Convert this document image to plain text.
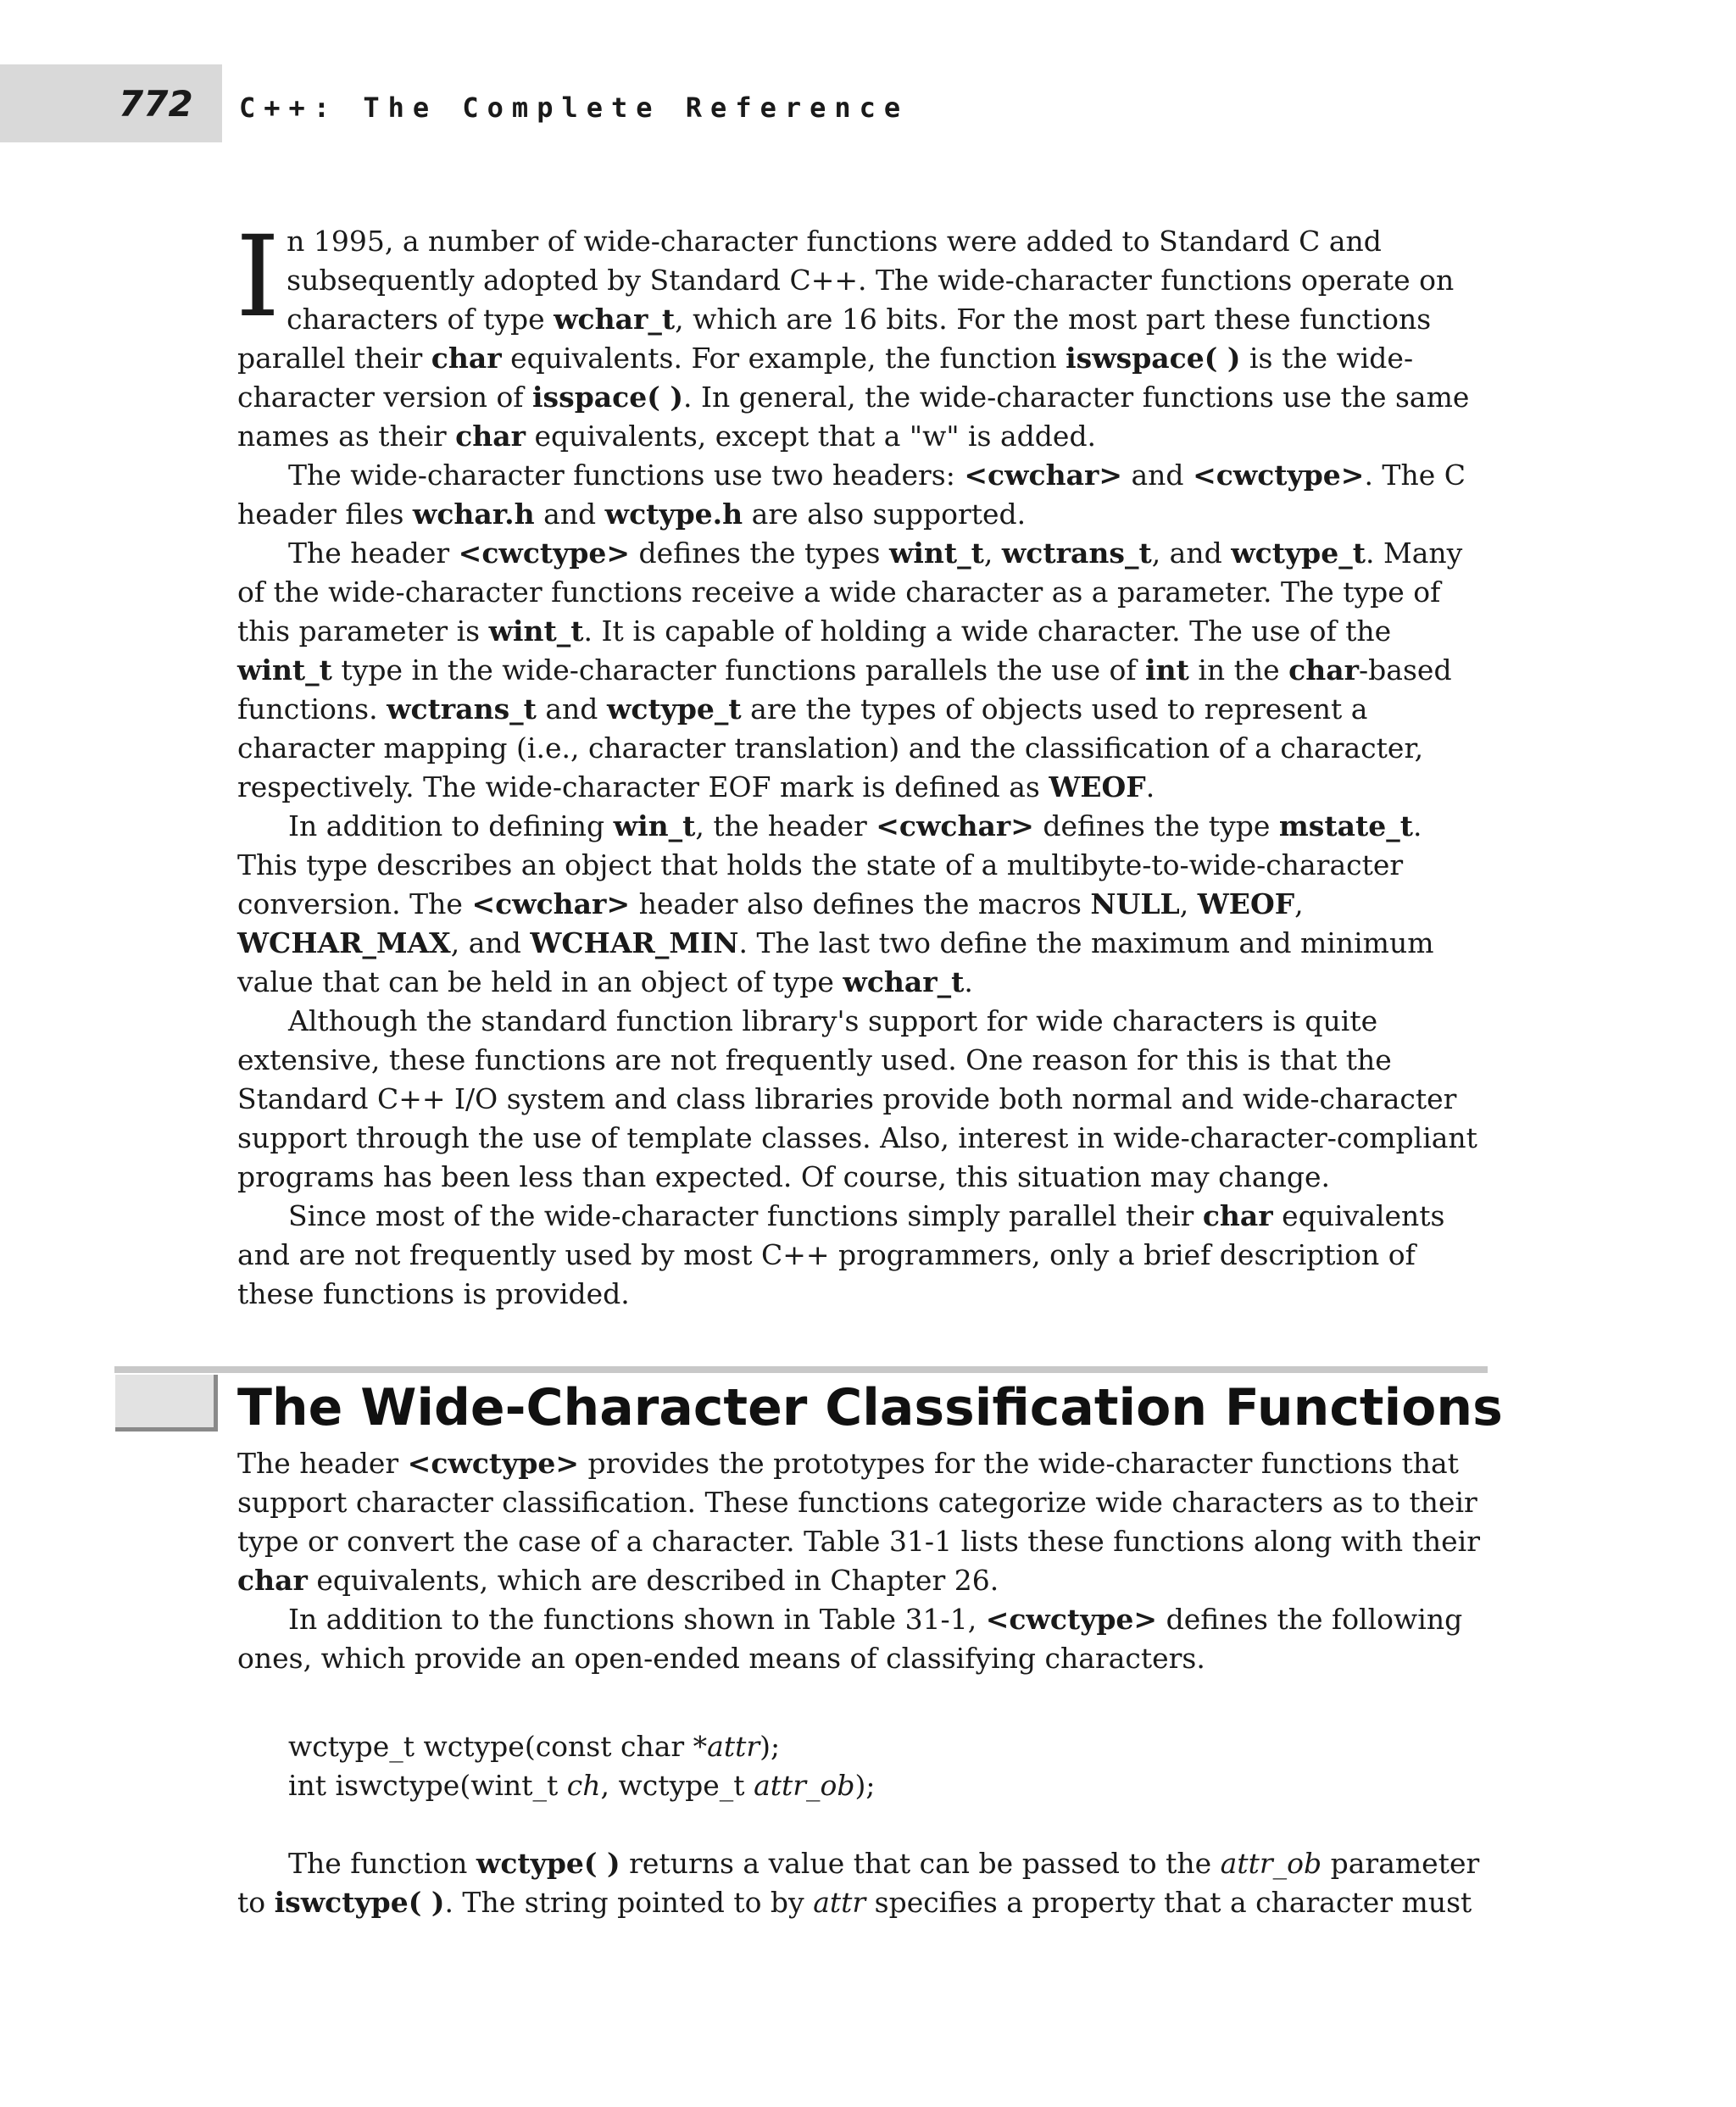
772 C++: The Complete Reference

In 1995, a number of wide-character functions were added to Standard C and subsequently adopted by Standard C++. The wide-character functions operate on characters of type wchar_t, which are 16 bits. For the most part these functions parallel their char equivalents. For example, the function iswspace( ) is the wide-character version of isspace( ). In general, the wide-character functions use the same names as their char equivalents, except that a "w" is added.

The wide-character functions use two headers: <cwchar> and <cwctype>. The C header files wchar.h and wctype.h are also supported.

The header <cwctype> defines the types wint_t, wctrans_t, and wctype_t. Many of the wide-character functions receive a wide character as a parameter. The type of this parameter is wint_t. It is capable of holding a wide character. The use of the wint_t type in the wide-character functions parallels the use of int in the char-based functions. wctrans_t and wctype_t are the types of objects used to represent a character mapping (i.e., character translation) and the classification of a character, respectively. The wide-character EOF mark is defined as WEOF.

In addition to defining win_t, the header <cwchar> defines the type mstate_t. This type describes an object that holds the state of a multibyte-to-wide-character conversion. The <cwchar> header also defines the macros NULL, WEOF, WCHAR_MAX, and WCHAR_MIN. The last two define the maximum and minimum value that can be held in an object of type wchar_t.

Although the standard function library's support for wide characters is quite extensive, these functions are not frequently used. One reason for this is that the Standard C++ I/O system and class libraries provide both normal and wide-character support through the use of template classes. Also, interest in wide-character-compliant programs has been less than expected. Of course, this situation may change.

Since most of the wide-character functions simply parallel their char equivalents and are not frequently used by most C++ programmers, only a brief description of these functions is provided.

The Wide-Character Classification Functions

The header <cwctype> provides the prototypes for the wide-character functions that support character classification. These functions categorize wide characters as to their type or convert the case of a character. Table 31-1 lists these functions along with their char equivalents, which are described in Chapter 26.

In addition to the functions shown in Table 31-1, <cwctype> defines the following ones, which provide an open-ended means of classifying characters.

wctype_t wctype(const char *attr);
int iswctype(wint_t ch, wctype_t attr_ob);

The function wctype( ) returns a value that can be passed to the attr_ob parameter to iswctype( ). The string pointed to by attr specifies a property that a character must
